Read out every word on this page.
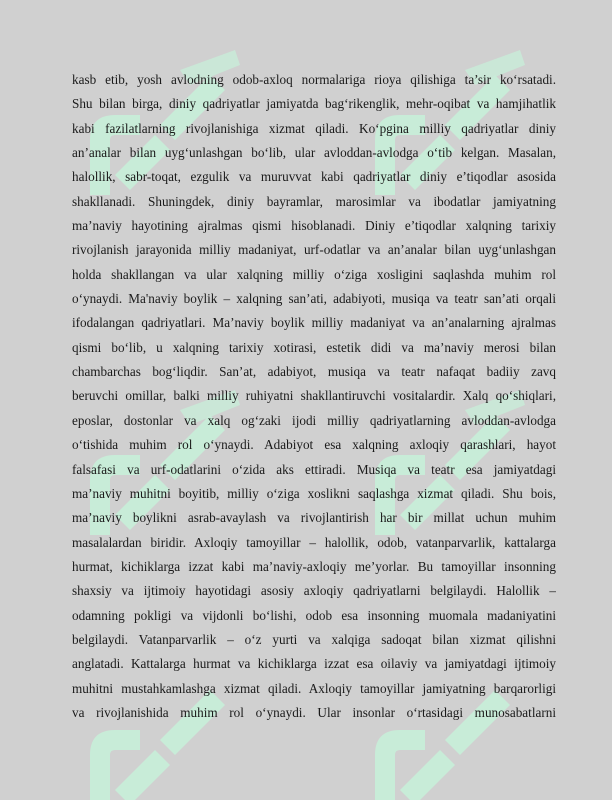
kasb etib, yosh avlodning odob-axloq normalariga rioya qilishiga ta’sir ko‘rsatadi.
Shu bilan birga, diniy qadriyatlar jamiyatda bag‘rikenglik, mehr-oqibat va hamjihatlik
kabi fazilatlarning rivojlanishiga xizmat qiladi. Ko‘pgina milliy qadriyatlar diniy
an’analar bilan uyg‘unlashgan bo‘lib, ular avloddan-avlodga o‘tib kelgan. Masalan,
halollik, sabr-toqat, ezgulik va muruvvat kabi qadriyatlar diniy e’tiqodlar asosida
shakllanadi. Shuningdek, diniy bayramlar, marosimlar va ibodatlar jamiyatning
ma’naviy hayotining ajralmas qismi hisoblanadi. Diniy e’tiqodlar xalqning tarixiy
rivojlanish jarayonida milliy madaniyat, urf-odatlar va an’analar bilan uyg‘unlashgan
holda shakllangan va ular xalqning milliy o‘ziga xosligini saqlashda muhim rol
o‘ynaydi. Ma'naviy boylik – xalqning san’ati, adabiyoti, musiqa va teatr san’ati orqali
ifodalangan qadriyatlari. Ma’naviy boylik milliy madaniyat va an’analarning ajralmas
qismi bo‘lib, u xalqning tarixiy xotirasi, estetik didi va ma’naviy merosi bilan
chambarchas bog‘liqdir. San’at, adabiyot, musiqa va teatr nafaqat badiiy zavq
beruvchi omillar, balki milliy ruhiyatni shakllantiruvchi vositalardir. Xalq qo‘shiqlari,
eposlar, dostonlar va xalq og‘zaki ijodi milliy qadriyatlarning avloddan-avlodga
o‘tishida muhim rol o‘ynaydi. Adabiyot esa xalqning axloqiy qarashlari, hayot
falsafasi va urf-odatlarini o‘zida aks ettiradi. Musiqa va teatr esa jamiyatdagi
ma’naviy muhitni boyitib, milliy o‘ziga xoslikni saqlashga xizmat qiladi. Shu bois,
ma’naviy boylikni asrab-avaylash va rivojlantirish har bir millat uchun muhim
masalalardan biridir. Axloqiy tamoyillar – halollik, odob, vatanparvarlik, kattalarga
hurmat, kichiklarga izzat kabi ma’naviy-axloqiy me’yorlar. Bu tamoyillar insonning
shaxsiy va ijtimoiy hayotidagi asosiy axloqiy qadriyatlarni belgilaydi. Halollik –
odamning pokligi va vijdonli bo‘lishi, odob esa insonning muomala madaniyatini
belgilaydi. Vatanparvarlik – o‘z yurti va xalqiga sadoqat bilan xizmat qilishni
anglatadi. Kattalarga hurmat va kichiklarga izzat esa oilaviy va jamiyatdagi ijtimoiy
muhitni mustahkamlashga xizmat qiladi. Axloqiy tamoyillar jamiyatning barqarorligi
va rivojlanishida muhim rol o‘ynaydi. Ular insonlar o‘rtasidagi munosabatlarni
